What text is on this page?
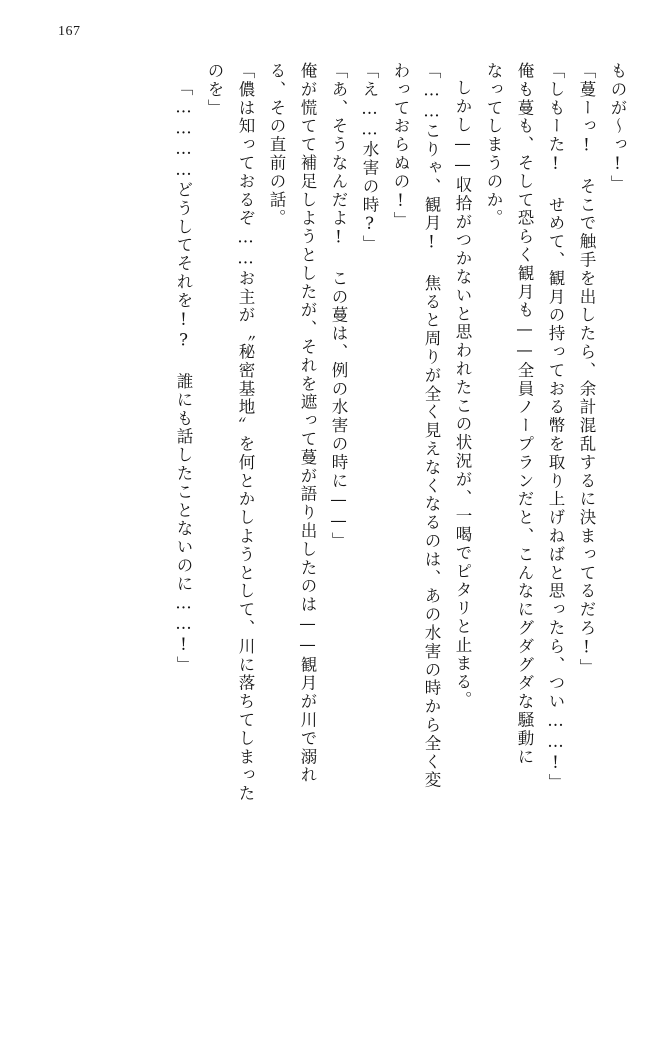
167
ものが〜っ!」
「蔓ーっ! そこで触手を出したら、余計混乱するに決まってるだろ!」
「しもーた! せめて、観月の持っておる幣を取り上げねばと思ったら、つい……!」
俺も蔓も、そして恐らく観月も——全員ノープランだと、こんなにグダグダな騒動に
なってしまうのか。
しかし——収拾がつかないと思われたこの状況が、一喝でピタリと止まる。
「……こりゃ、観月! 焦ると周りが全く見えなくなるのは、あの水害の時から全く変
わっておらぬの!」
「え……水害の時?」
「あ、そうなんだよ! この蔓は、例の水害の時に——」
俺が慌てて補足しようとしたが、それを遮って蔓が語り出したのは——観月が川で溺れ
る、その直前の話。
「儂は知っておるぞ……お主が〝秘密基地〟を何とかしようとして、川に落ちてしまった
のを」
「…………どうしてそれを!? 誰にも話したことないのに……!」
